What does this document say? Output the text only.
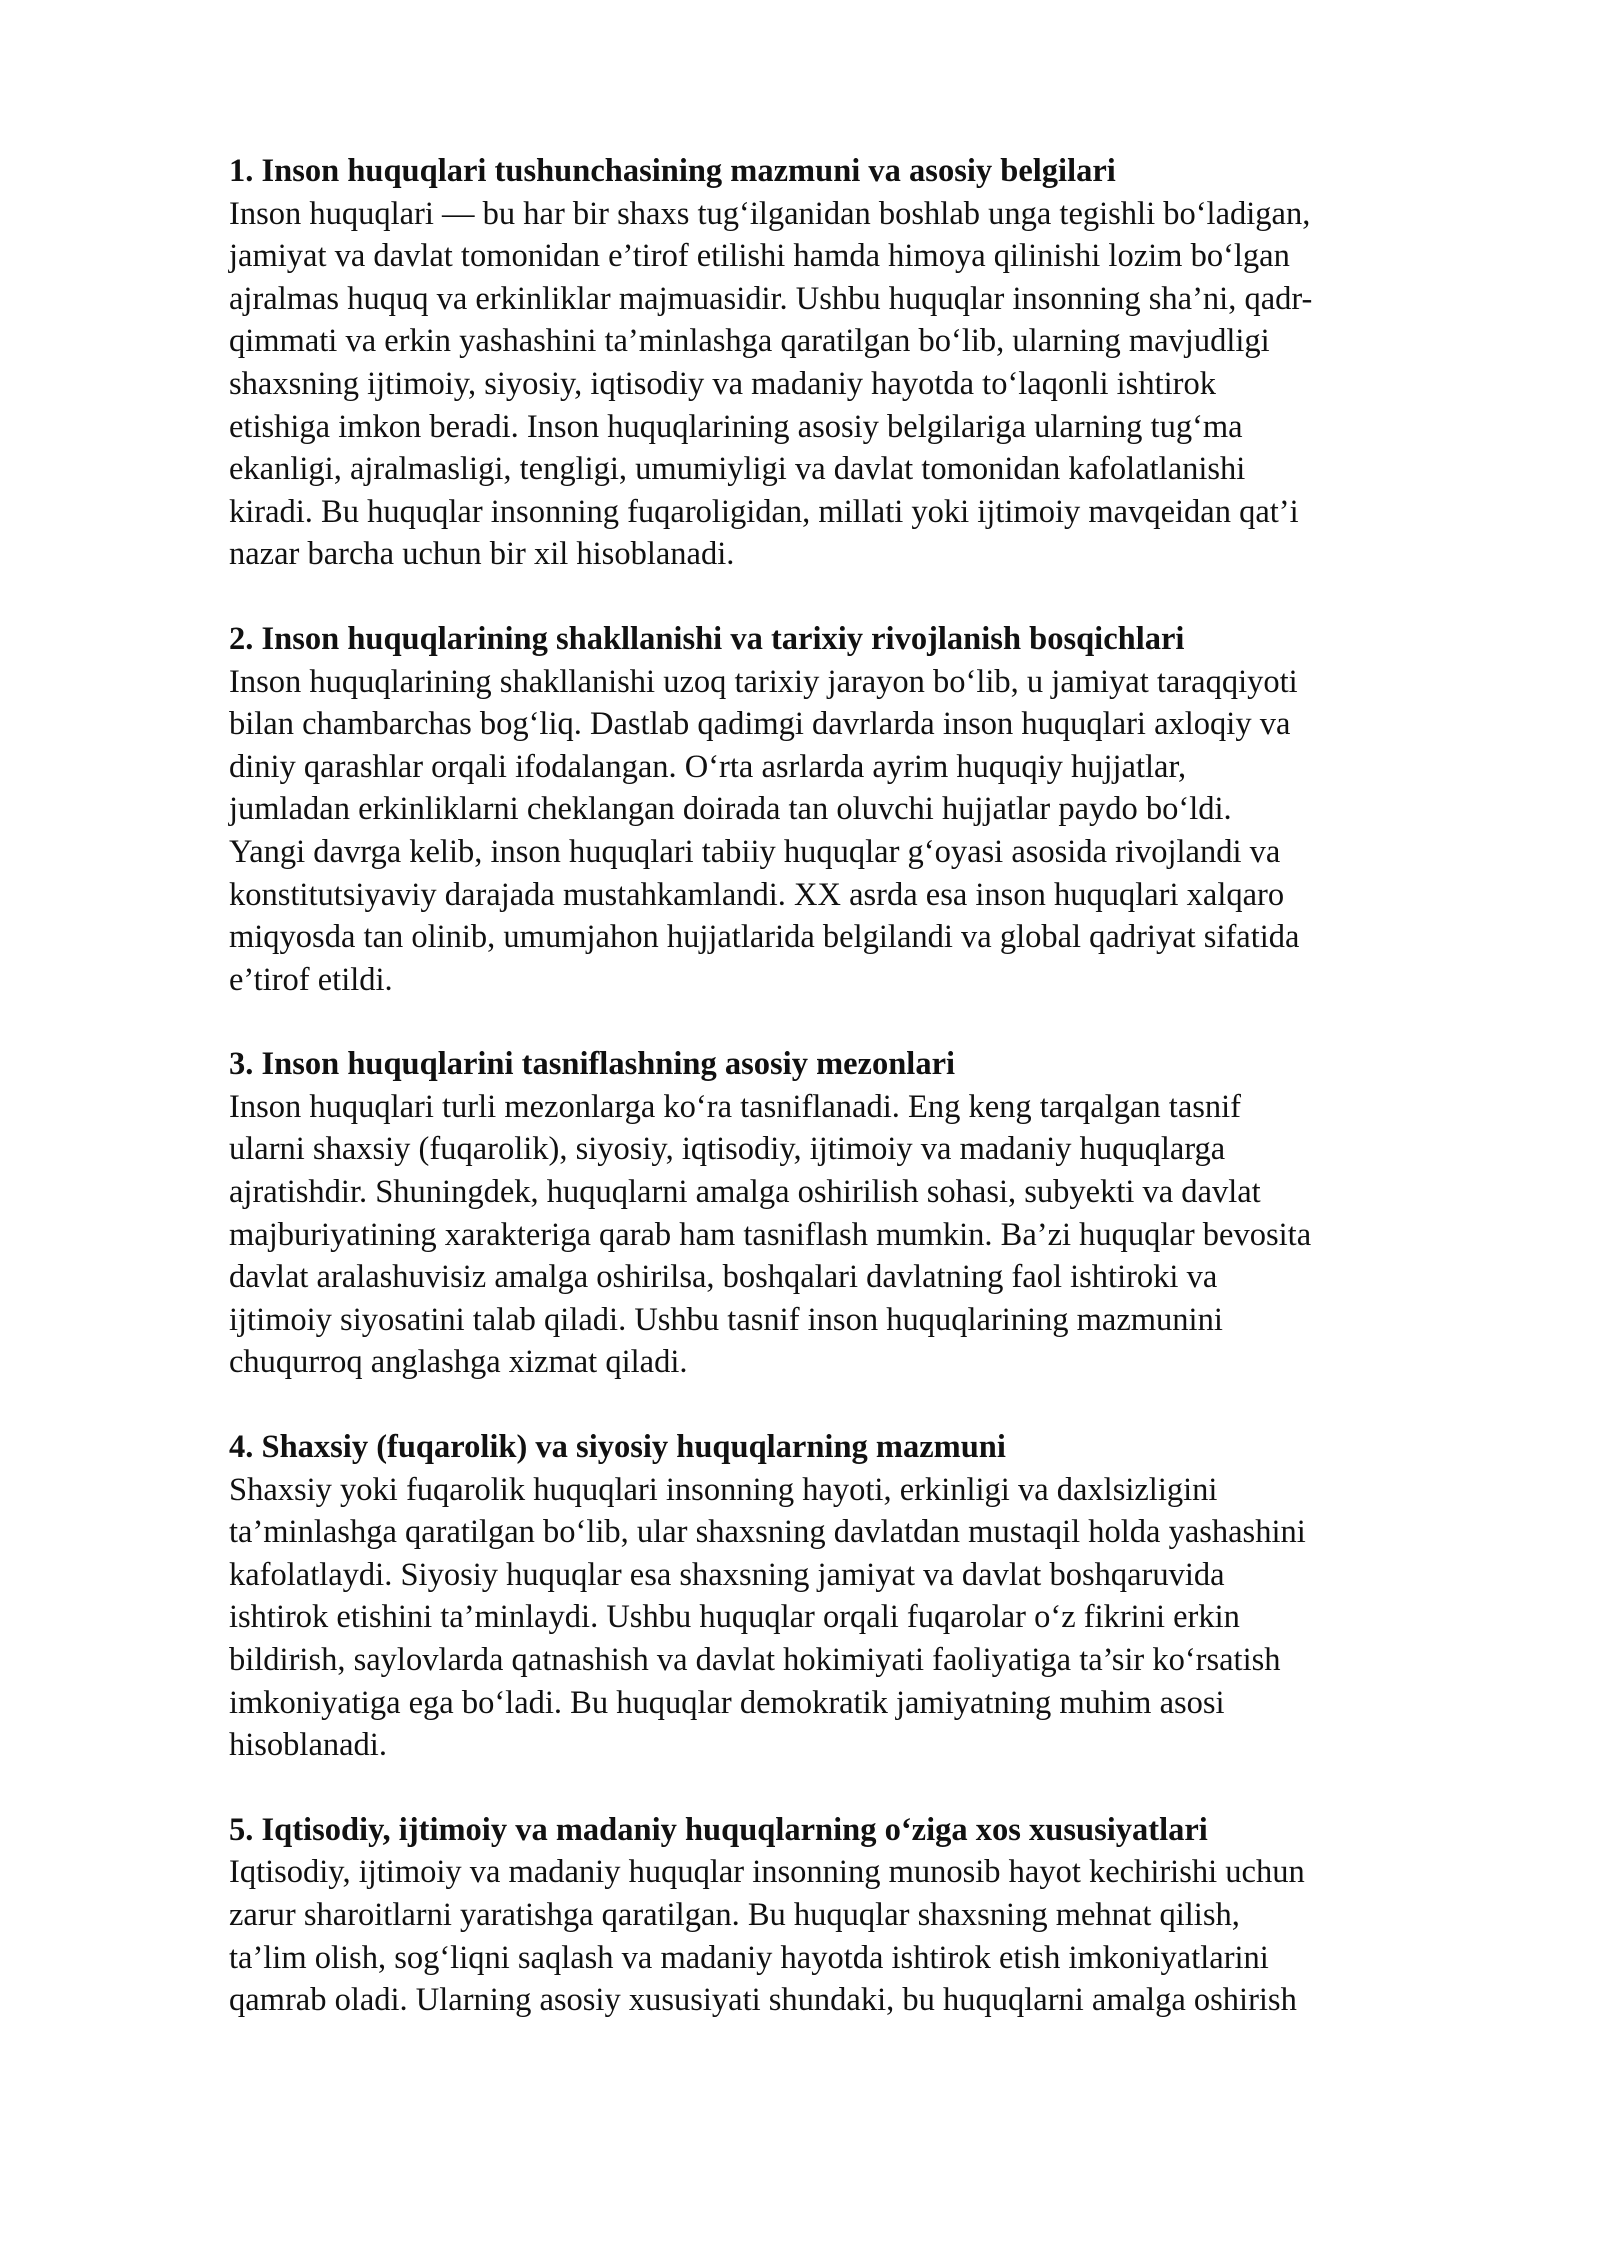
1. Inson huquqlari tushunchasining mazmuni va asosiy belgilari
Inson huquqlari — bu har bir shaxs tug‘ilganidan boshlab unga tegishli bo‘ladigan,
jamiyat va davlat tomonidan e’tirof etilishi hamda himoya qilinishi lozim bo‘lgan
ajralmas huquq va erkinliklar majmuasidir. Ushbu huquqlar insonning sha’ni, qadr-
qimmati va erkin yashashini ta’minlashga qaratilgan bo‘lib, ularning mavjudligi
shaxsning ijtimoiy, siyosiy, iqtisodiy va madaniy hayotda to‘laqonli ishtirok
etishiga imkon beradi. Inson huquqlarining asosiy belgilariga ularning tug‘ma
ekanligi, ajralmasligi, tengligi, umumiyligi va davlat tomonidan kafolatlanishi
kiradi. Bu huquqlar insonning fuqaroligidan, millati yoki ijtimoiy mavqeidan qat’i
nazar barcha uchun bir xil hisoblanadi.
2. Inson huquqlarining shakllanishi va tarixiy rivojlanish bosqichlari
Inson huquqlarining shakllanishi uzoq tarixiy jarayon bo‘lib, u jamiyat taraqqiyoti
bilan chambarchas bog‘liq. Dastlab qadimgi davrlarda inson huquqlari axloqiy va
diniy qarashlar orqali ifodalangan. O‘rta asrlarda ayrim huquqiy hujjatlar,
jumladan erkinliklarni cheklangan doirada tan oluvchi hujjatlar paydo bo‘ldi.
Yangi davrga kelib, inson huquqlari tabiiy huquqlar g‘oyasi asosida rivojlandi va
konstitutsiyaviy darajada mustahkamlandi. XX asrda esa inson huquqlari xalqaro
miqyosda tan olinib, umumjahon hujjatlarida belgilandi va global qadriyat sifatida
e’tirof etildi.
3. Inson huquqlarini tasniflashning asosiy mezonlari
Inson huquqlari turli mezonlarga ko‘ra tasniflanadi. Eng keng tarqalgan tasnif
ularni shaxsiy (fuqarolik), siyosiy, iqtisodiy, ijtimoiy va madaniy huquqlarga
ajratishdir. Shuningdek, huquqlarni amalga oshirilish sohasi, subyekti va davlat
majburiyatining xarakteriga qarab ham tasniflash mumkin. Ba’zi huquqlar bevosita
davlat aralashuvisiz amalga oshirilsa, boshqalari davlatning faol ishtiroki va
ijtimoiy siyosatini talab qiladi. Ushbu tasnif inson huquqlarining mazmunini
chuqurroq anglashga xizmat qiladi.
4. Shaxsiy (fuqarolik) va siyosiy huquqlarning mazmuni
Shaxsiy yoki fuqarolik huquqlari insonning hayoti, erkinligi va daxlsizligini
ta’minlashga qaratilgan bo‘lib, ular shaxsning davlatdan mustaqil holda yashashini
kafolatlaydi. Siyosiy huquqlar esa shaxsning jamiyat va davlat boshqaruvida
ishtirok etishini ta’minlaydi. Ushbu huquqlar orqali fuqarolar o‘z fikrini erkin
bildirish, saylovlarda qatnashish va davlat hokimiyati faoliyatiga ta’sir ko‘rsatish
imkoniyatiga ega bo‘ladi. Bu huquqlar demokratik jamiyatning muhim asosi
hisoblanadi.
5. Iqtisodiy, ijtimoiy va madaniy huquqlarning o‘ziga xos xususiyatlari
Iqtisodiy, ijtimoiy va madaniy huquqlar insonning munosib hayot kechirishi uchun
zarur sharoitlarni yaratishga qaratilgan. Bu huquqlar shaxsning mehnat qilish,
ta’lim olish, sog‘liqni saqlash va madaniy hayotda ishtirok etish imkoniyatlarini
qamrab oladi. Ularning asosiy xususiyati shundaki, bu huquqlarni amalga oshirish
